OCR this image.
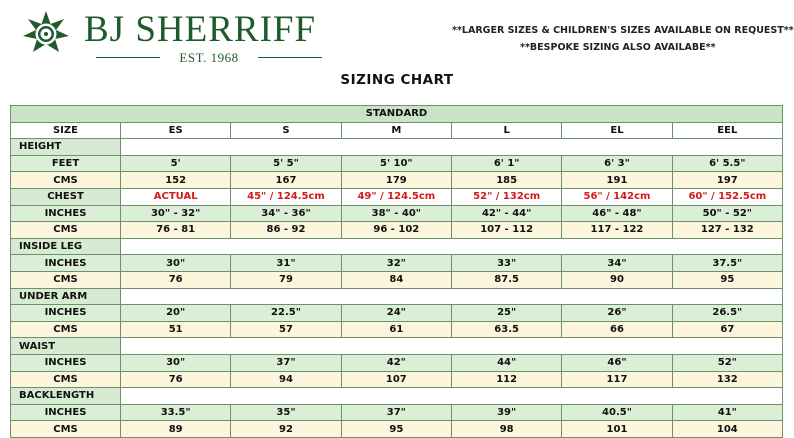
BJ SHERRIFF
EST. 1968
**LARGER SIZES & CHILDREN'S SIZES AVAILABLE ON REQUEST**
**BESPOKE SIZING ALSO AVAILABE**
SIZING CHART
STANDARD						
SIZE	ES	S	M	L	EL	EEL
HEIGHT						
FEET	5'	5' 5"	5' 10"	6' 1"	6' 3"	6' 5.5"
CMS	152	167	179	185	191	197
CHEST	ACTUAL	45" / 124.5cm	49" / 124.5cm	52" / 132cm	56" / 142cm	60" / 152.5cm
INCHES	30" - 32"	34" - 36"	38" - 40"	42" - 44"	46" - 48"	50" - 52"
CMS	76 - 81	86 - 92	96 - 102	107 - 112	117 - 122	127 - 132
INSIDE LEG						
INCHES	30"	31"	32"	33"	34"	37.5"
CMS	76	79	84	87.5	90	95
UNDER ARM						
INCHES	20"	22.5"	24"	25"	26"	26.5"
CMS	51	57	61	63.5	66	67
WAIST						
INCHES	30"	37"	42"	44"	46"	52"
CMS	76	94	107	112	117	132
BACKLENGTH						
INCHES	33.5"	35"	37"	39"	40.5"	41"
CMS	89	92	95	98	101	104
